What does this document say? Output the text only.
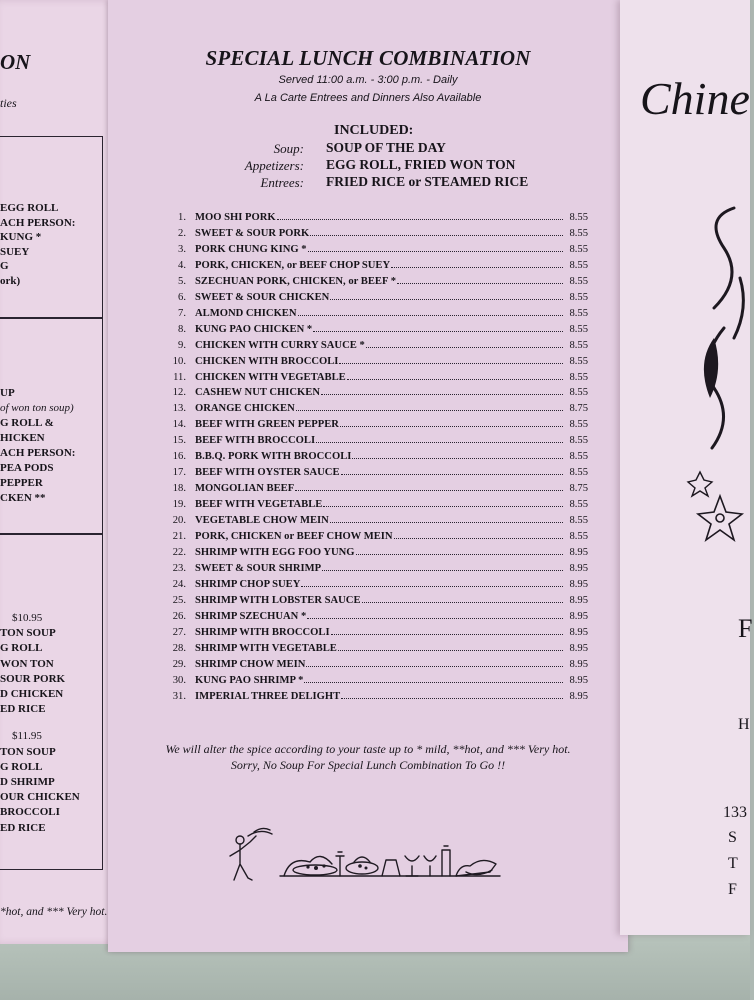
ON
ties
EGG ROLL
ACH PERSON:
KUNG *
SUEY
G
ork)
UP
of won ton soup)
G ROLL &
HICKEN
ACH PERSON:
PEA PODS
PEPPER
CKEN **
$10.95
TON SOUP
G ROLL
WON TON
SOUR PORK
D CHICKEN
ED RICE
$11.95
TON SOUP
G ROLL
D SHRIMP
OUR CHICKEN
BROCCOLI
ED RICE
*hot, and *** Very hot.
SPECIAL LUNCH COMBINATION
Served 11:00 a.m. - 3:00 p.m. - Daily
A La Carte Entrees and Dinners Also Available
INCLUDED:
Soup: SOUP OF THE DAY
Appetizers: EGG ROLL, FRIED WON TON
Entrees: FRIED RICE or STEAMED RICE
1. MOO SHI PORK	8.55
2. SWEET & SOUR PORK	8.55
3. PORK CHUNG KING *	8.55
4. PORK, CHICKEN, or BEEF CHOP SUEY	8.55
5. SZECHUAN PORK, CHICKEN, or BEEF *	8.55
6. SWEET & SOUR CHICKEN	8.55
7. ALMOND CHICKEN	8.55
8. KUNG PAO CHICKEN *	8.55
9. CHICKEN WITH CURRY SAUCE *	8.55
10. CHICKEN WITH BROCCOLI	8.55
11. CHICKEN WITH VEGETABLE	8.55
12. CASHEW NUT CHICKEN	8.55
13. ORANGE CHICKEN	8.75
14. BEEF WITH GREEN PEPPER	8.55
15. BEEF WITH BROCCOLI	8.55
16. B.B.Q. PORK WITH BROCCOLI	8.55
17. BEEF WITH OYSTER SAUCE	8.55
18. MONGOLIAN BEEF	8.75
19. BEEF WITH VEGETABLE	8.55
20. VEGETABLE CHOW MEIN	8.55
21. PORK, CHICKEN or BEEF CHOW MEIN	8.55
22. SHRIMP WITH EGG FOO YUNG	8.95
23. SWEET & SOUR SHRIMP	8.95
24. SHRIMP CHOP SUEY	8.95
25. SHRIMP WITH LOBSTER SAUCE	8.95
26. SHRIMP SZECHUAN *	8.95
27. SHRIMP WITH BROCCOLI	8.95
28. SHRIMP WITH VEGETABLE	8.95
29. SHRIMP CHOW MEIN	8.95
30. KUNG PAO SHRIMP *	8.95
31. IMPERIAL THREE DELIGHT	8.95
We will alter the spice according to your taste up to * mild, **hot, and *** Very hot.
Sorry, No Soup For Special Lunch Combination To Go !!
Chine
F
H
133
S
T
F
